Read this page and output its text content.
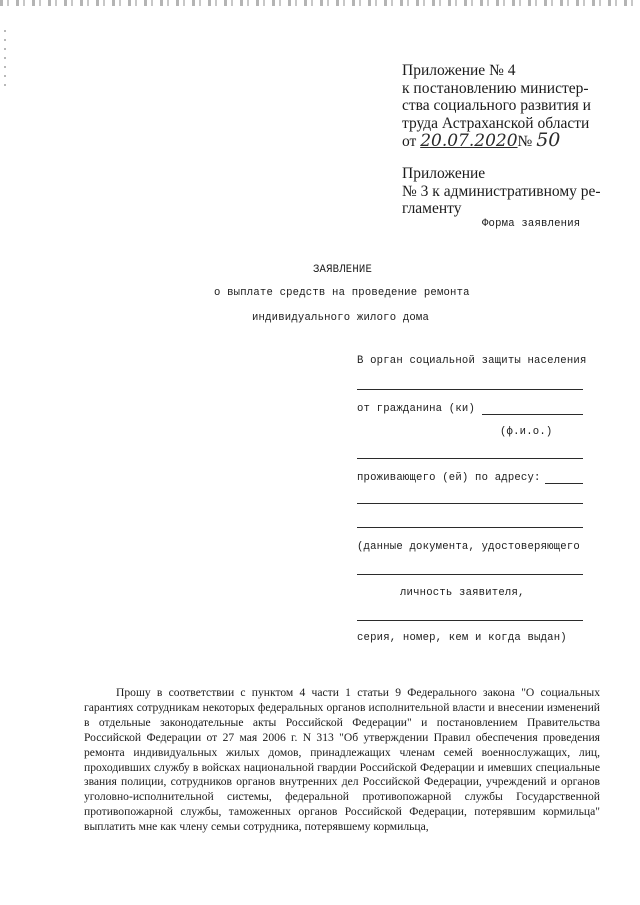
Приложение № 4
к постановлению министер-
ства социального развития и
труда Астраханской области
от 20.07.2020№ 50
Приложение
№ 3 к административному ре-
гламенту
Форма заявления
ЗАЯВЛЕНИЕ
о выплате средств на проведение ремонта
индивидуального жилого дома
В орган социальной защиты населения
от гражданина (ки)
(ф.и.о.)
проживающего (ей) по адресу:
(данные документа, удостоверяющего
личность заявителя,
серия, номер, кем и когда выдан)

Прошу в соответствии с пунктом 4 части 1 статьи 9 Федерального закона "О социальных гарантиях сотрудникам некоторых федеральных органов исполнительной власти и внесении изменений в отдельные законодательные акты Российской Федерации" и постановлением Правительства Российской Федерации от 27 мая 2006 г. N 313 "Об утверждении Правил обеспечения проведения ремонта индивидуальных жилых домов, принадлежащих членам семей военнослужащих, лиц, проходивших службу в войсках национальной гвардии Российской Федерации и имевших специальные звания полиции, сотрудников органов внутренних дел Российской Федерации, учреждений и органов уголовно-исполнительной системы, федеральной противопожарной службы Государственной противопожарной службы, таможенных органов Российской Федерации, потерявшим кормильца" выплатить мне как члену семьи сотрудника, потерявшему кормильца,
